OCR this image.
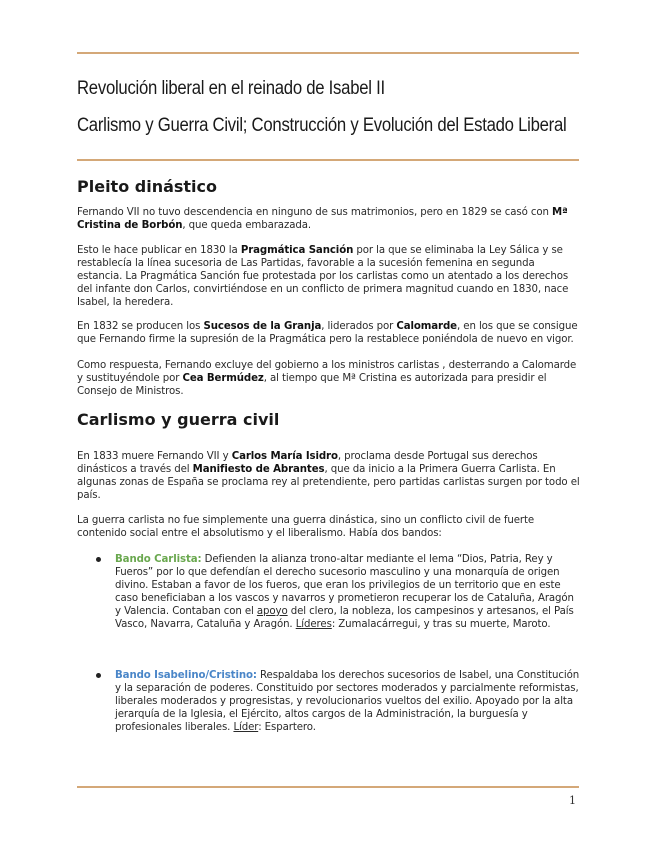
Revolución liberal en el reinado de Isabel II
Carlismo y Guerra Civil; Construcción y Evolución del Estado Liberal
Pleito dinástico

Fernando VII no tuvo descendencia en ninguno de sus matrimonios, pero en 1829 se casó con Mª Cristina de Borbón, que queda embarazada.

Esto le hace publicar en 1830 la Pragmática Sanción por la que se eliminaba la Ley Sálica y se restablecía la línea sucesoria de Las Partidas, favorable a la sucesión femenina en segunda estancia. La Pragmática Sanción fue protestada por los carlistas como un atentado a los derechos del infante don Carlos, convirtiéndose en un conflicto de primera magnitud cuando en 1830, nace Isabel, la heredera.

En 1832 se producen los Sucesos de la Granja, liderados por Calomarde, en los que se consigue que Fernando firme la supresión de la Pragmática pero la restablece poniéndola de nuevo en vigor.

Como respuesta, Fernando excluye del gobierno a los ministros carlistas , desterrando a Calomarde y sustituyéndole por Cea Bermúdez, al tiempo que Mª Cristina es autorizada para presidir el Consejo de Ministros.

Carlismo y guerra civil

En 1833 muere Fernando VII y Carlos María Isidro, proclama desde Portugal sus derechos dinásticos a través del Manifiesto de Abrantes, que da inicio a la Primera Guerra Carlista. En algunas zonas de España se proclama rey al pretendiente, pero partidas carlistas surgen por todo el país.

La guerra carlista no fue simplemente una guerra dinástica, sino un conflicto civil de fuerte contenido social entre el absolutismo y el liberalismo. Había dos bandos:

Bando Carlista: Defienden la alianza trono-altar mediante el lema “Dios, Patria, Rey y Fueros” por lo que defendían el derecho sucesorio masculino y una monarquía de origen divino. Estaban a favor de los fueros, que eran los privilegios de un territorio que en este caso beneficiaban a los vascos y navarros y prometieron recuperar los de Cataluña, Aragón y Valencia. Contaban con el apoyo del clero, la nobleza, los campesinos y artesanos, el País Vasco, Navarra, Cataluña y Aragón. Líderes: Zumalacárregui, y tras su muerte, Maroto.

Bando Isabelino/Cristino: Respaldaba los derechos sucesorios de Isabel, una Constitución y la separación de poderes. Constituido por sectores moderados y parcialmente reformistas, liberales moderados y progresistas, y revolucionarios vueltos del exilio. Apoyado por la alta jerarquía de la Iglesia, el Ejército, altos cargos de la Administración, la burguesía y profesionales liberales. Líder: Espartero.

1
